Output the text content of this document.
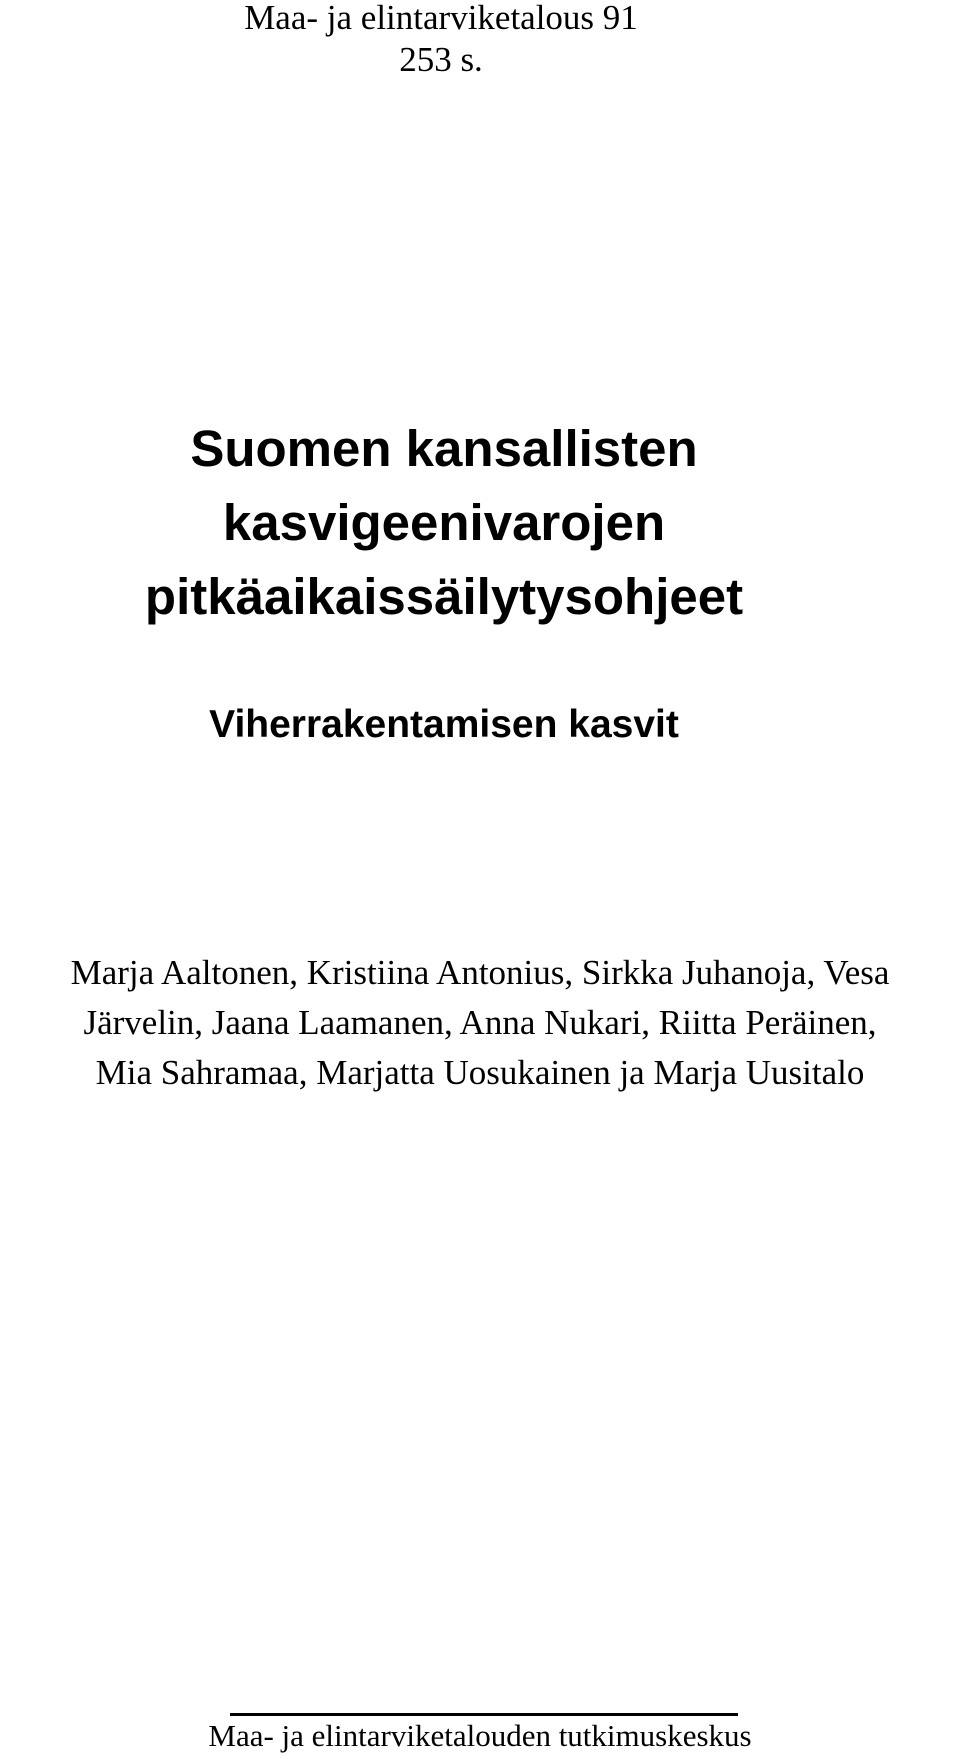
Maa- ja elintarviketalous 91

253 s.

Suomen kansallisten
kasvigeenivarojen
pitkäaikaissäilytysohjeet
Viherrakentamisen kasvit

Marja Aaltonen, Kristiina Antonius, Sirkka Juhanoja, Vesa
Järvelin, Jaana Laamanen, Anna Nukari, Riitta Peräinen,
Mia Sahramaa, Marjatta Uosukainen ja Marja Uusitalo

Maa- ja elintarviketalouden tutkimuskeskus
